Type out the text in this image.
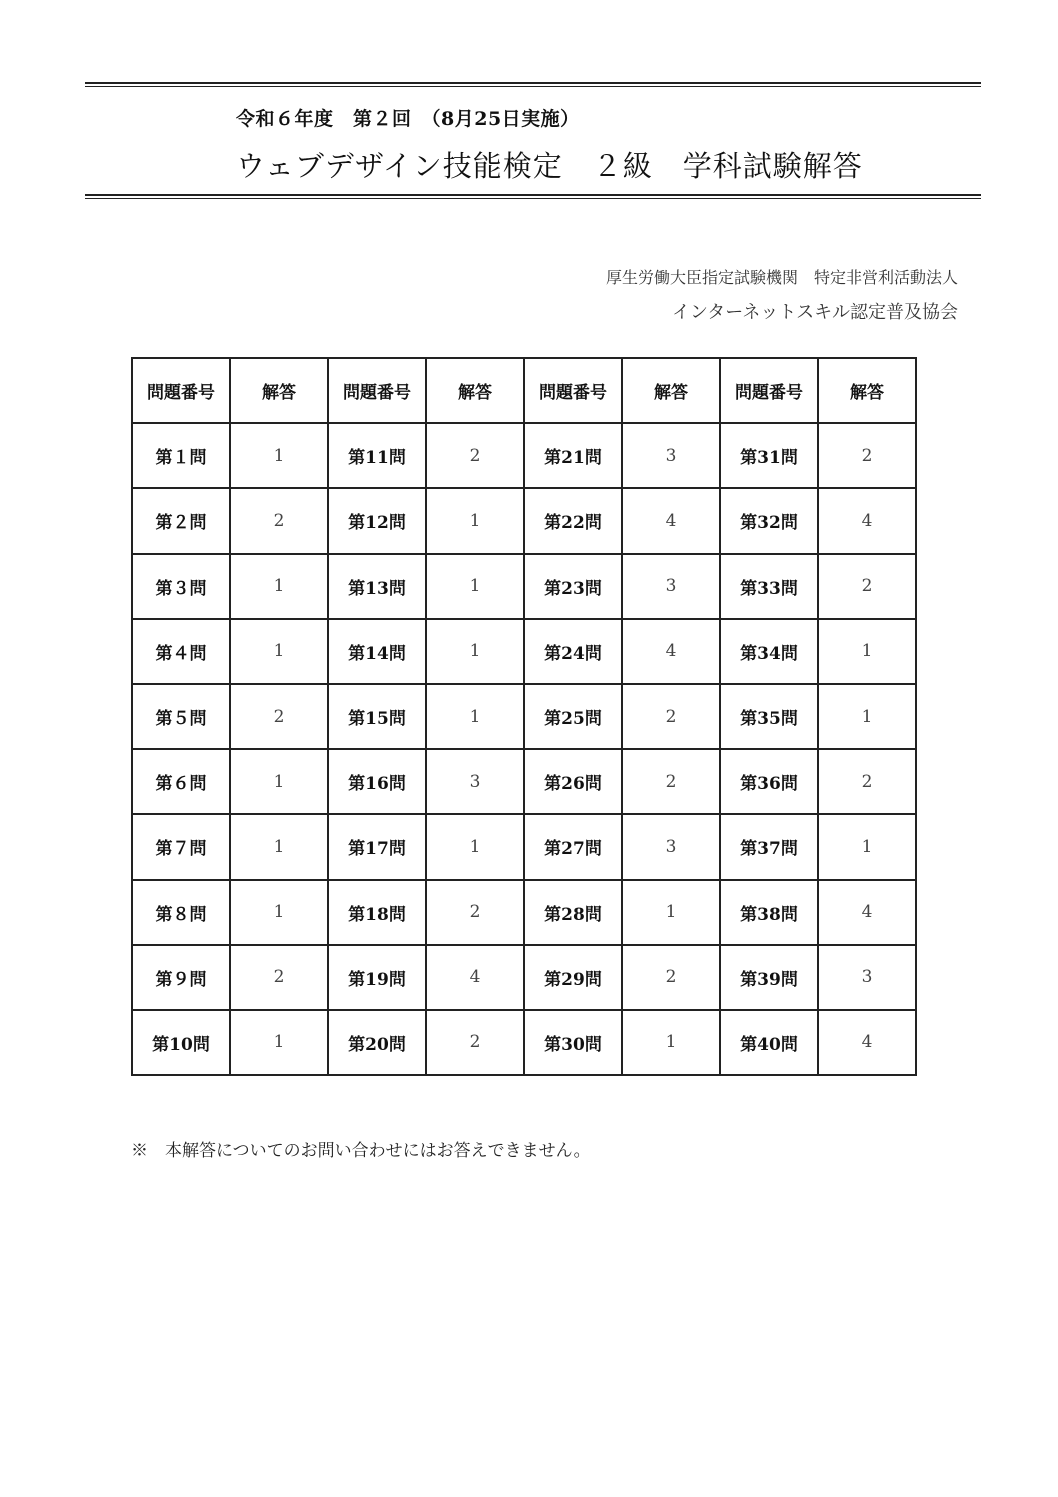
令和６年度　第２回　（8月25日実施）
ウェブデザイン技能検定　２級　学科試験解答
厚生労働大臣指定試験機関　特定非営利活動法人
インターネットスキル認定普及協会
問題番号	解答	問題番号	解答	問題番号	解答	問題番号	解答
第１問	1	第11問	2	第21問	3	第31問	2
第２問	2	第12問	1	第22問	4	第32問	4
第３問	1	第13問	1	第23問	3	第33問	2
第４問	1	第14問	1	第24問	4	第34問	1
第５問	2	第15問	1	第25問	2	第35問	1
第６問	1	第16問	3	第26問	2	第36問	2
第７問	1	第17問	1	第27問	3	第37問	1
第８問	1	第18問	2	第28問	1	第38問	4
第９問	2	第19問	4	第29問	2	第39問	3
第10問	1	第20問	2	第30問	1	第40問	4
※　本解答についてのお問い合わせにはお答えできません。
